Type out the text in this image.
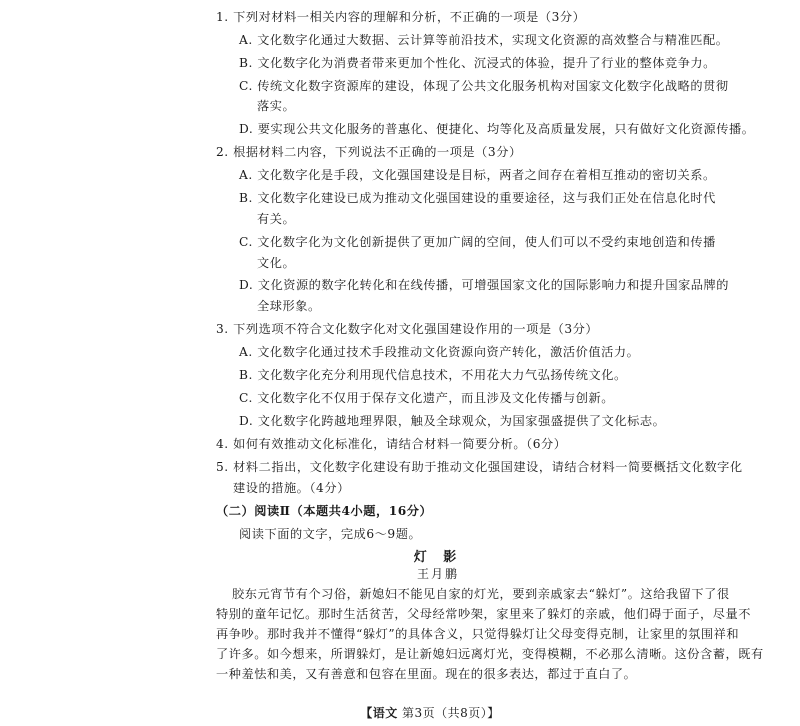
1. 下列对材料一相关内容的理解和分析，不正确的一项是（3分）
A. 文化数字化通过大数据、云计算等前沿技术，实现文化资源的高效整合与精准匹配。
B. 文化数字化为消费者带来更加个性化、沉浸式的体验，提升了行业的整体竞争力。
C. 传统文化数字资源库的建设，体现了公共文化服务机构对国家文化数字化战略的贯彻
落实。
D. 要实现公共文化服务的普惠化、便捷化、均等化及高质量发展，只有做好文化资源传播。
2. 根据材料二内容，下列说法不正确的一项是（3分）
A. 文化数字化是手段，文化强国建设是目标，两者之间存在着相互推动的密切关系。
B. 文化数字化建设已成为推动文化强国建设的重要途径，这与我们正处在信息化时代
有关。
C. 文化数字化为文化创新提供了更加广阔的空间，使人们可以不受约束地创造和传播
文化。
D. 文化资源的数字化转化和在线传播，可增强国家文化的国际影响力和提升国家品牌的
全球形象。
3. 下列选项不符合文化数字化对文化强国建设作用的一项是（3分）
A. 文化数字化通过技术手段推动文化资源向资产转化，激活价值活力。
B. 文化数字化充分利用现代信息技术，不用花大力气弘扬传统文化。
C. 文化数字化不仅用于保存文化遗产，而且涉及文化传播与创新。
D. 文化数字化跨越地理界限，触及全球观众，为国家强盛提供了文化标志。
4. 如何有效推动文化标准化，请结合材料一简要分析。（6分）
5. 材料二指出，文化数字化建设有助于推动文化强国建设，请结合材料一简要概括文化数字化
建设的措施。（4分）
（二）阅读Ⅱ（本题共4小题，16分）
阅读下面的文字，完成6～9题。
灯 影
王月鹏
胶东元宵节有个习俗，新媳妇不能见自家的灯光，要到亲戚家去“躲灯”。这给我留下了很
特别的童年记忆。那时生活贫苦，父母经常吵架，家里来了躲灯的亲戚，他们碍于面子，尽量不
再争吵。那时我并不懂得“躲灯”的具体含义，只觉得躲灯让父母变得克制，让家里的氛围祥和
了许多。如今想来，所谓躲灯，是让新媳妇远离灯光，变得模糊，不必那么清晰。这份含蓄，既有
一种羞怯和美，又有善意和包容在里面。现在的很多表达，都过于直白了。
【语文 第3页（共8页）】
